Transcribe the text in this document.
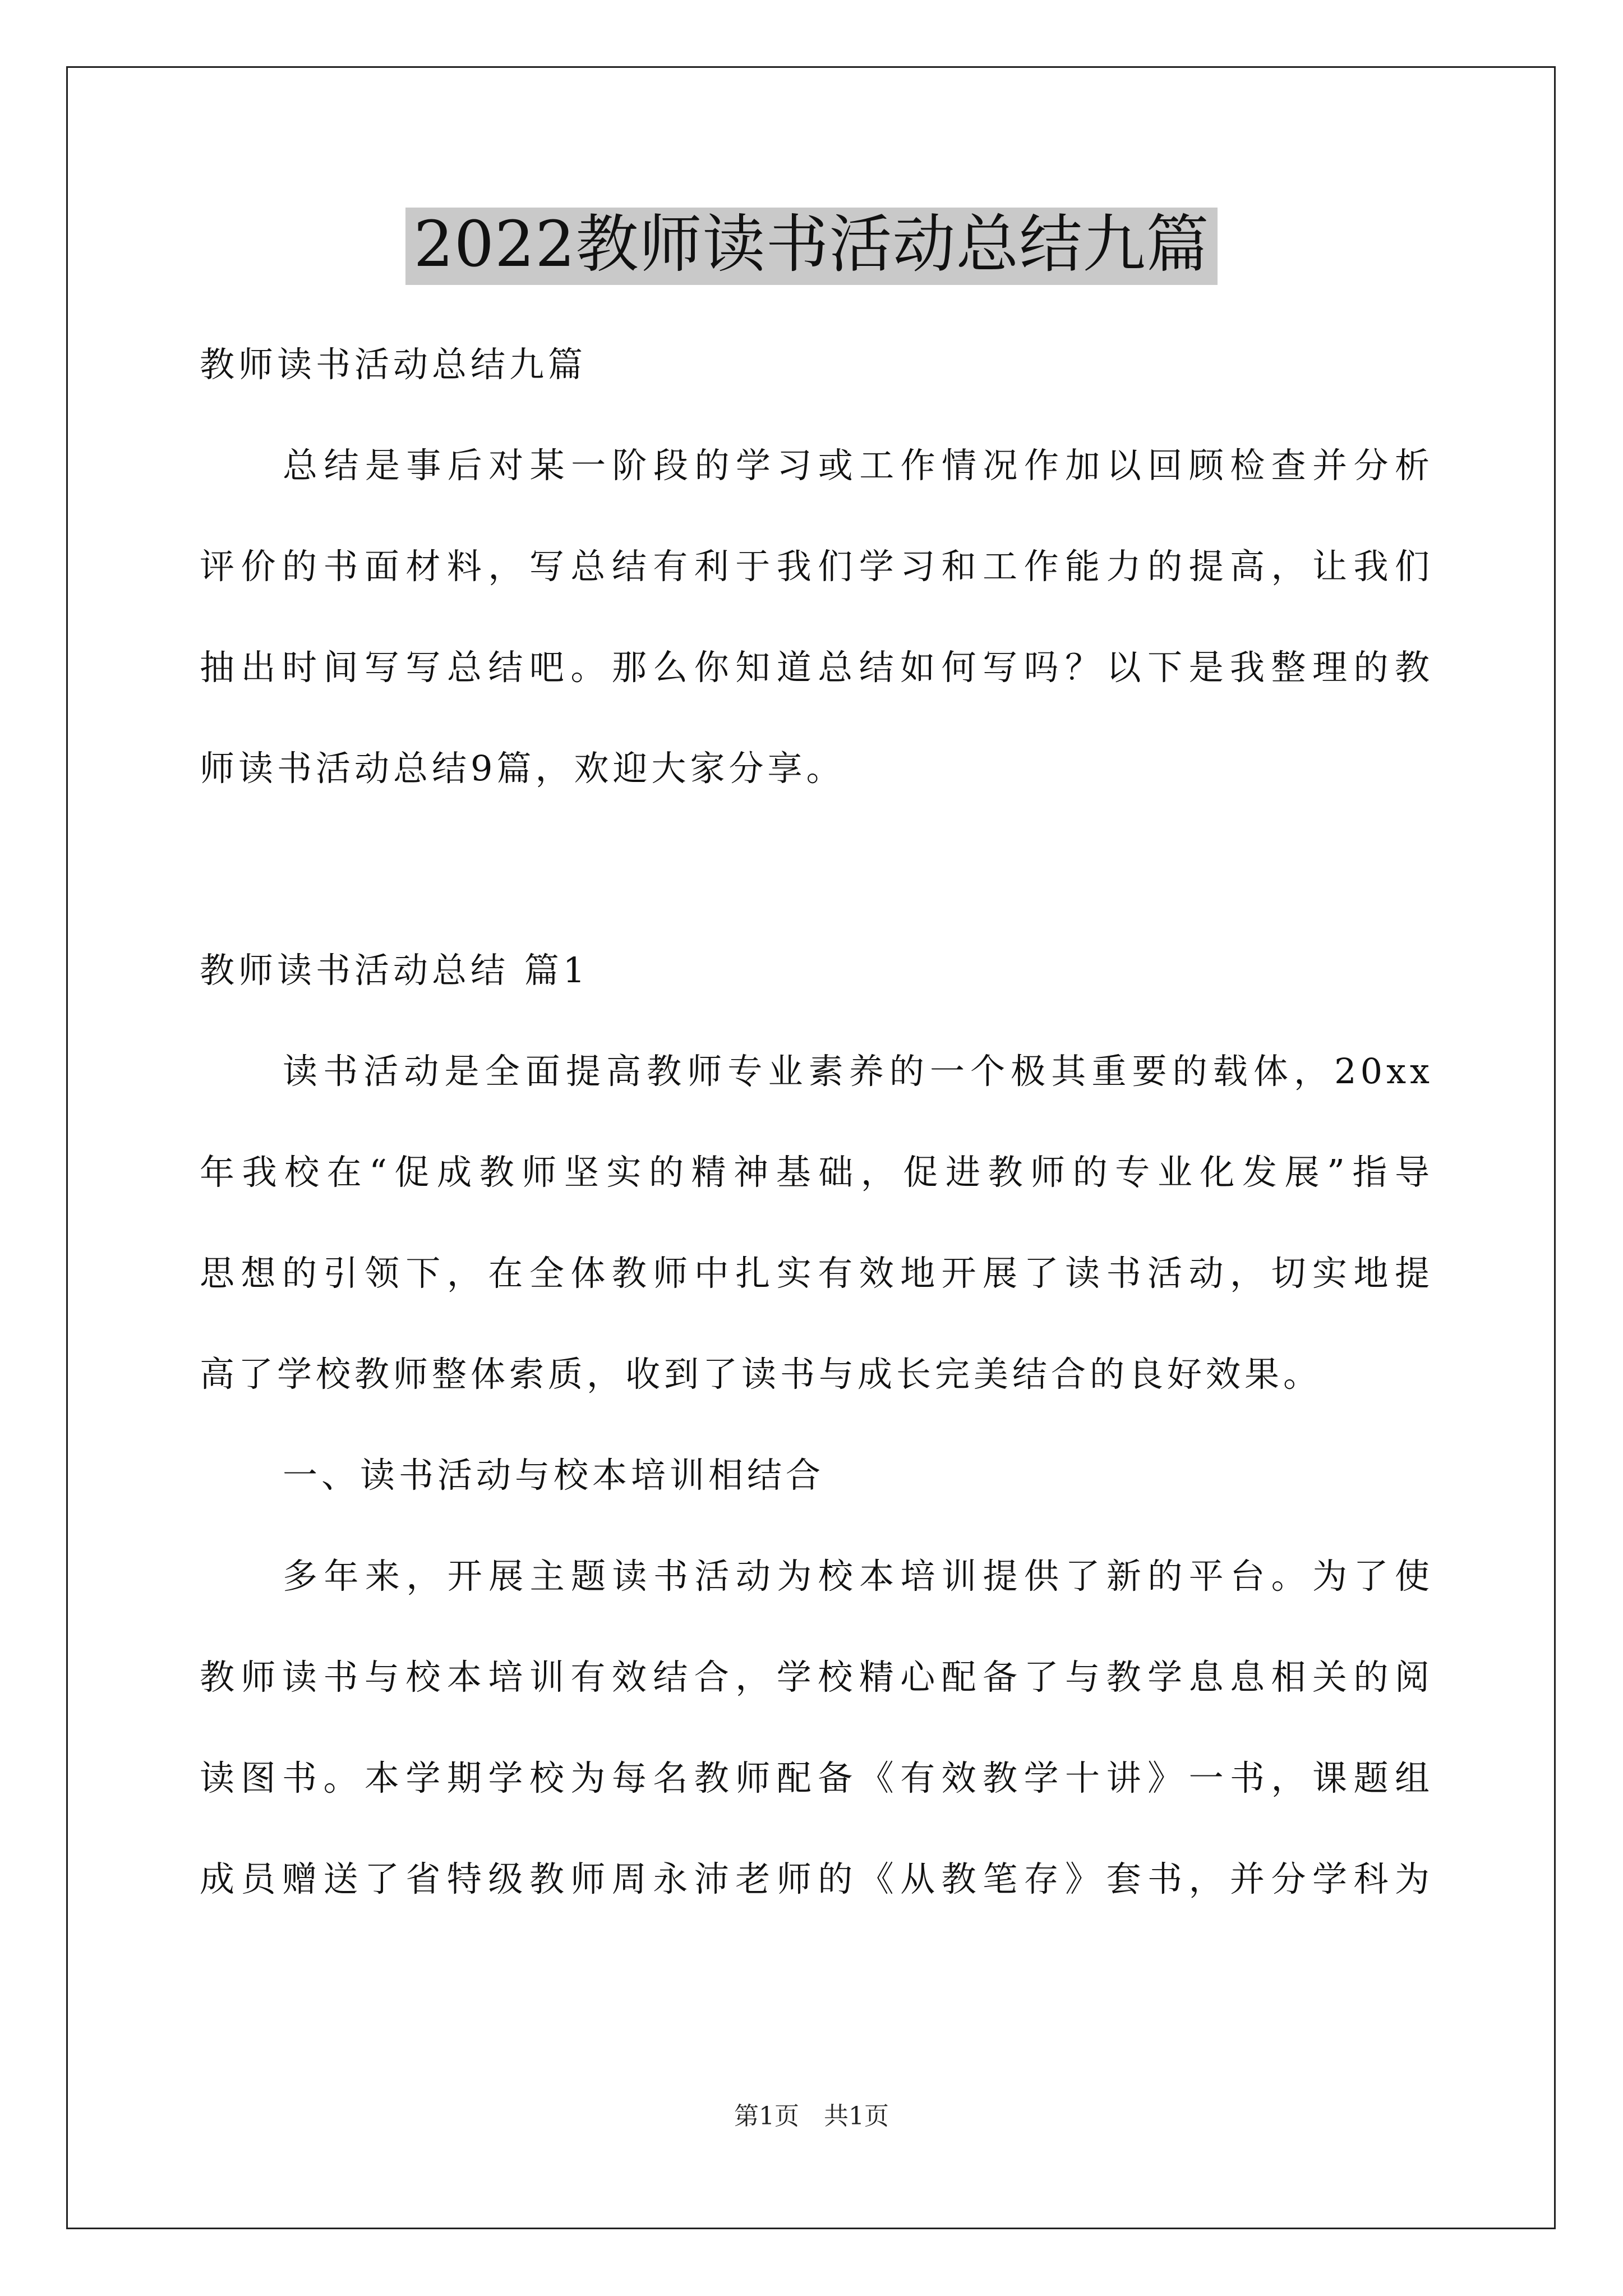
2022教师读书活动总结九篇
教师读书活动总结九篇
总结是事后对某一阶段的学习或工作情况作加以回顾检查并分析
评价的书面材料，写总结有利于我们学习和工作能力的提高，让我们
抽出时间写写总结吧。那么你知道总结如何写吗？以下是我整理的教
师读书活动总结9篇，欢迎大家分享。
教师读书活动总结 篇1
读书活动是全面提高教师专业素养的一个极其重要的载体，20xx
年我校在“促成教师坚实的精神基础，促进教师的专业化发展”指导
思想的引领下，在全体教师中扎实有效地开展了读书活动，切实地提
高了学校教师整体索质，收到了读书与成长完美结合的良好效果。
一、读书活动与校本培训相结合
多年来，开展主题读书活动为校本培训提供了新的平台。为了使
教师读书与校本培训有效结合，学校精心配备了与教学息息相关的阅
读图书。本学期学校为每名教师配备《有效教学十讲》一书，课题组
成员赠送了省特级教师周永沛老师的《从教笔存》套书，并分学科为
第1页　共1页
